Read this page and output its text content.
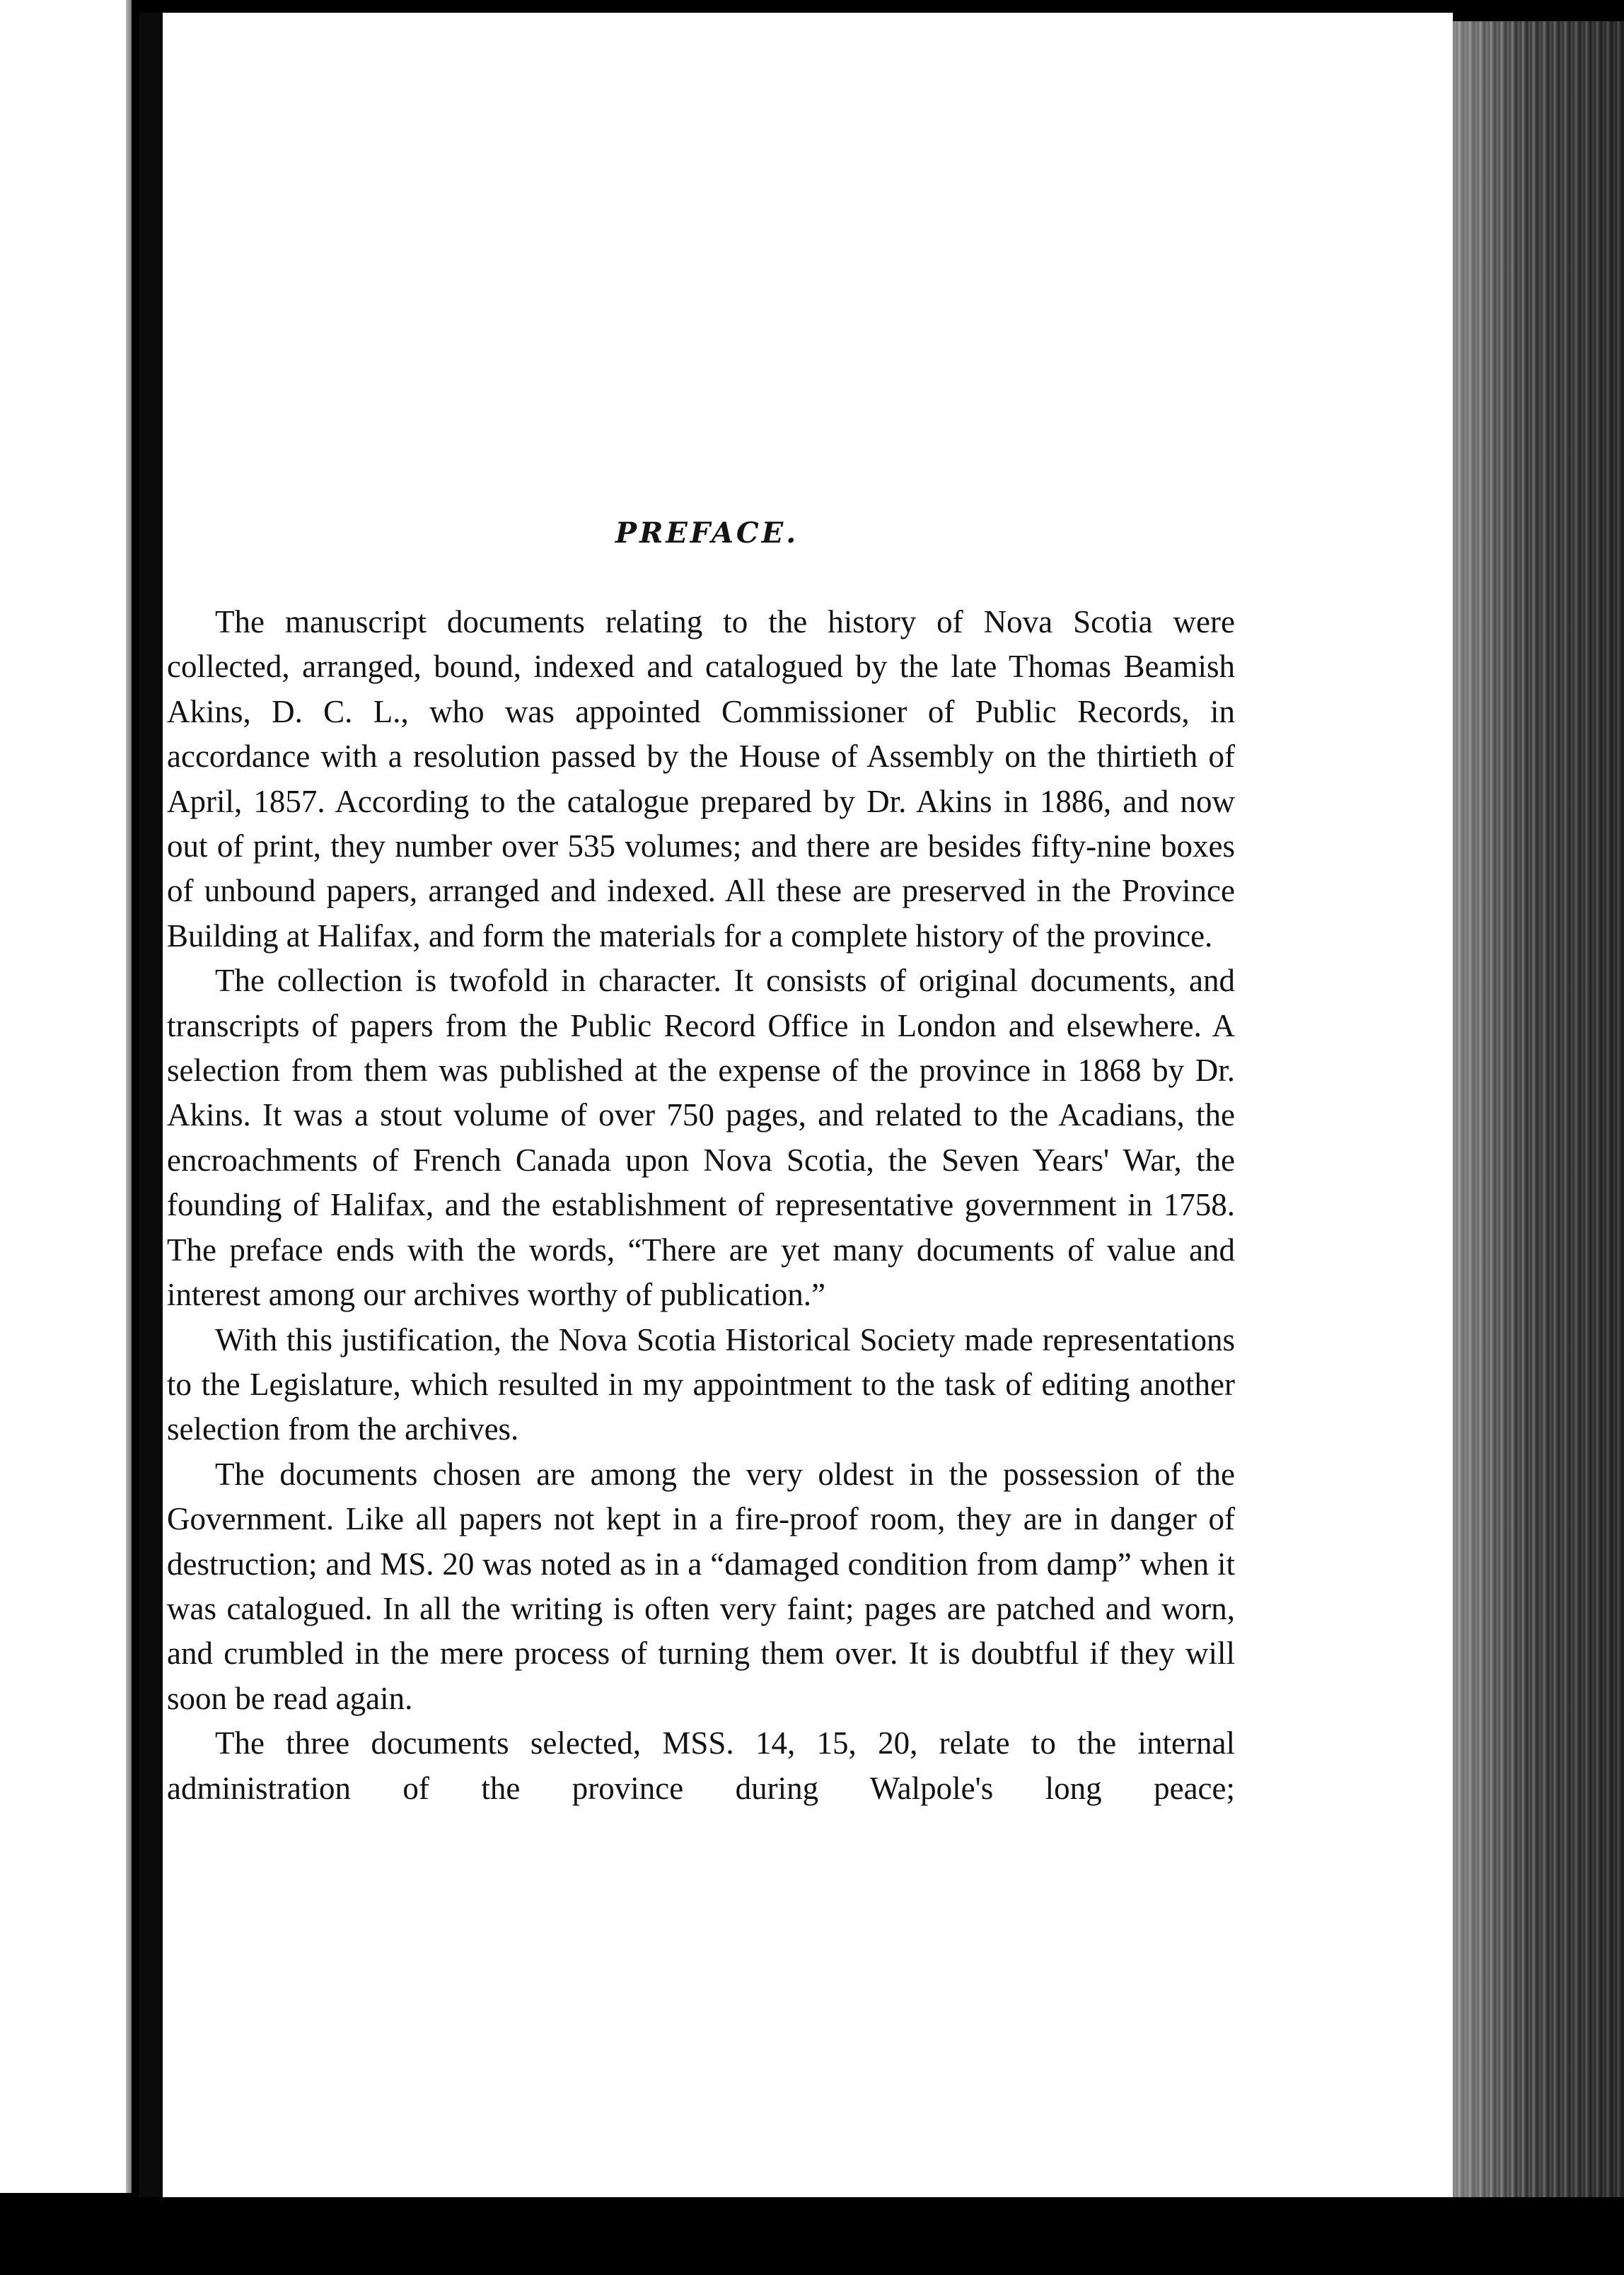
PREFACE.

The manuscript documents relating to the history of Nova Scotia were collected, arranged, bound, indexed and catalogued by the late Thomas Beamish Akins, D. C. L., who was appointed Commissioner of Public Records, in accordance with a resolution passed by the House of Assembly on the thirtieth of April, 1857. According to the catalogue prepared by Dr. Akins in 1886, and now out of print, they number over 535 volumes; and there are besides fifty-nine boxes of unbound papers, arranged and indexed. All these are preserved in the Province Building at Halifax, and form the materials for a complete history of the province.

The collection is twofold in character. It consists of original documents, and transcripts of papers from the Public Record Office in London and elsewhere. A selection from them was published at the expense of the province in 1868 by Dr. Akins. It was a stout volume of over 750 pages, and related to the Acadians, the encroachments of French Canada upon Nova Scotia, the Seven Years' War, the founding of Halifax, and the establishment of representative government in 1758. The preface ends with the words, “There are yet many documents of value and interest among our archives worthy of publication.”

With this justification, the Nova Scotia Historical Society made representations to the Legislature, which resulted in my appointment to the task of editing another selection from the archives.

The documents chosen are among the very oldest in the possession of the Government. Like all papers not kept in a fire-proof room, they are in danger of destruction; and MS. 20 was noted as in a “damaged condition from damp” when it was catalogued. In all the writing is often very faint; pages are patched and worn, and crumbled in the mere process of turning them over. It is doubtful if they will soon be read again.

The three documents selected, MSS. 14, 15, 20, relate to the internal administration of the province during Walpole's long peace;
